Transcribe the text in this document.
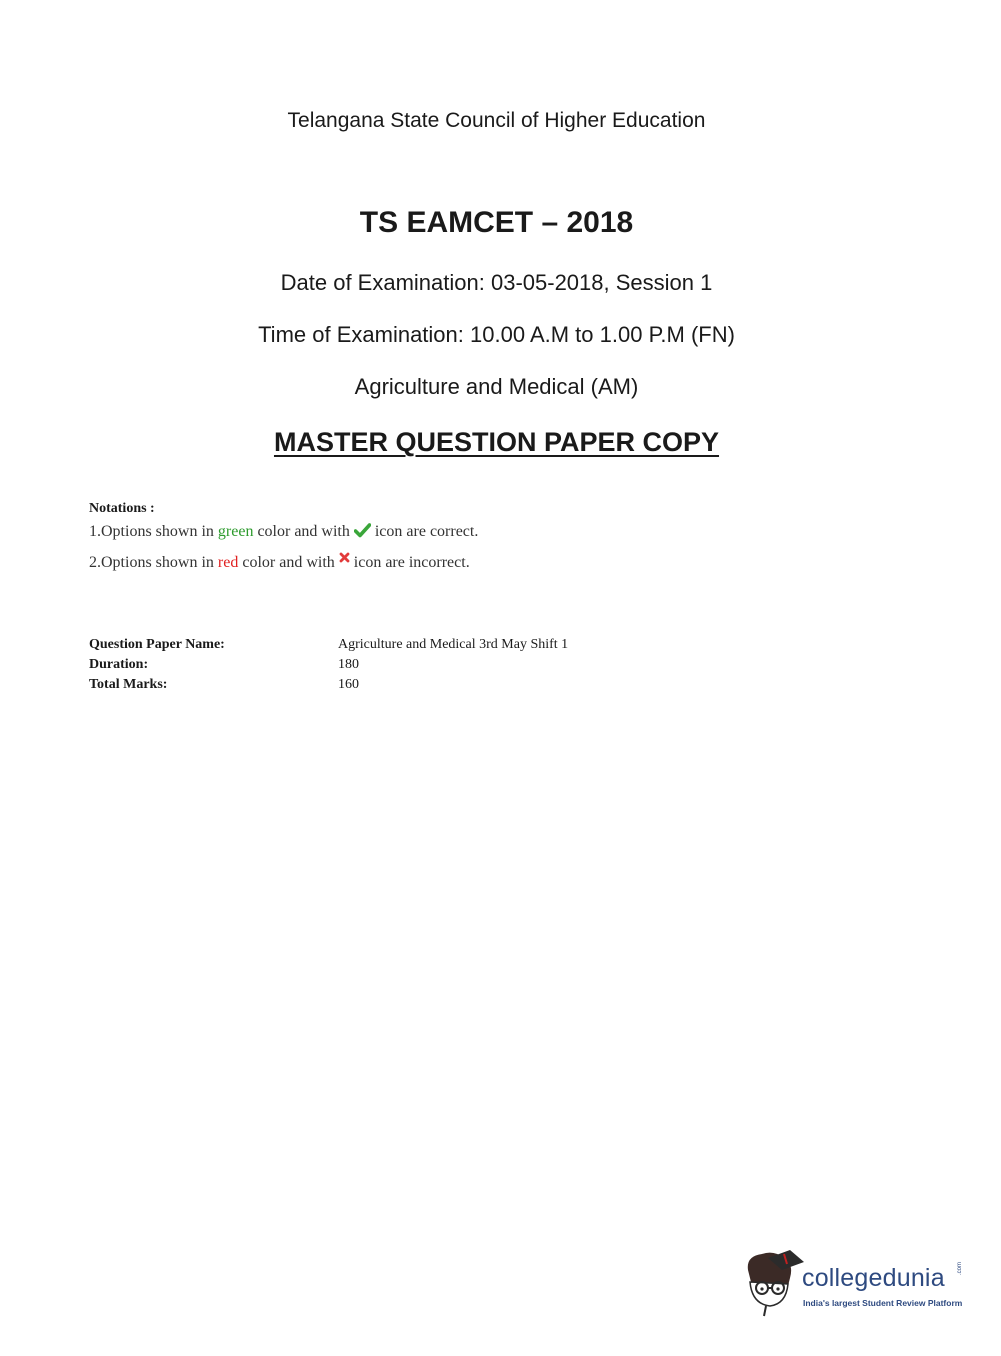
Telangana State Council of Higher Education
TS EAMCET – 2018
Date of Examination: 03-05-2018, Session 1
Time of Examination: 10.00 A.M to 1.00 P.M (FN)
Agriculture and Medical (AM)
MASTER QUESTION PAPER COPY
Notations :
1.Options shown in green color and with icon are correct.
2.Options shown in red color and with icon are incorrect.
Question Paper Name:	Agriculture and Medical 3rd May Shift 1
Duration:	180
Total Marks:	160
collegedunia .com
India's largest Student Review Platform
